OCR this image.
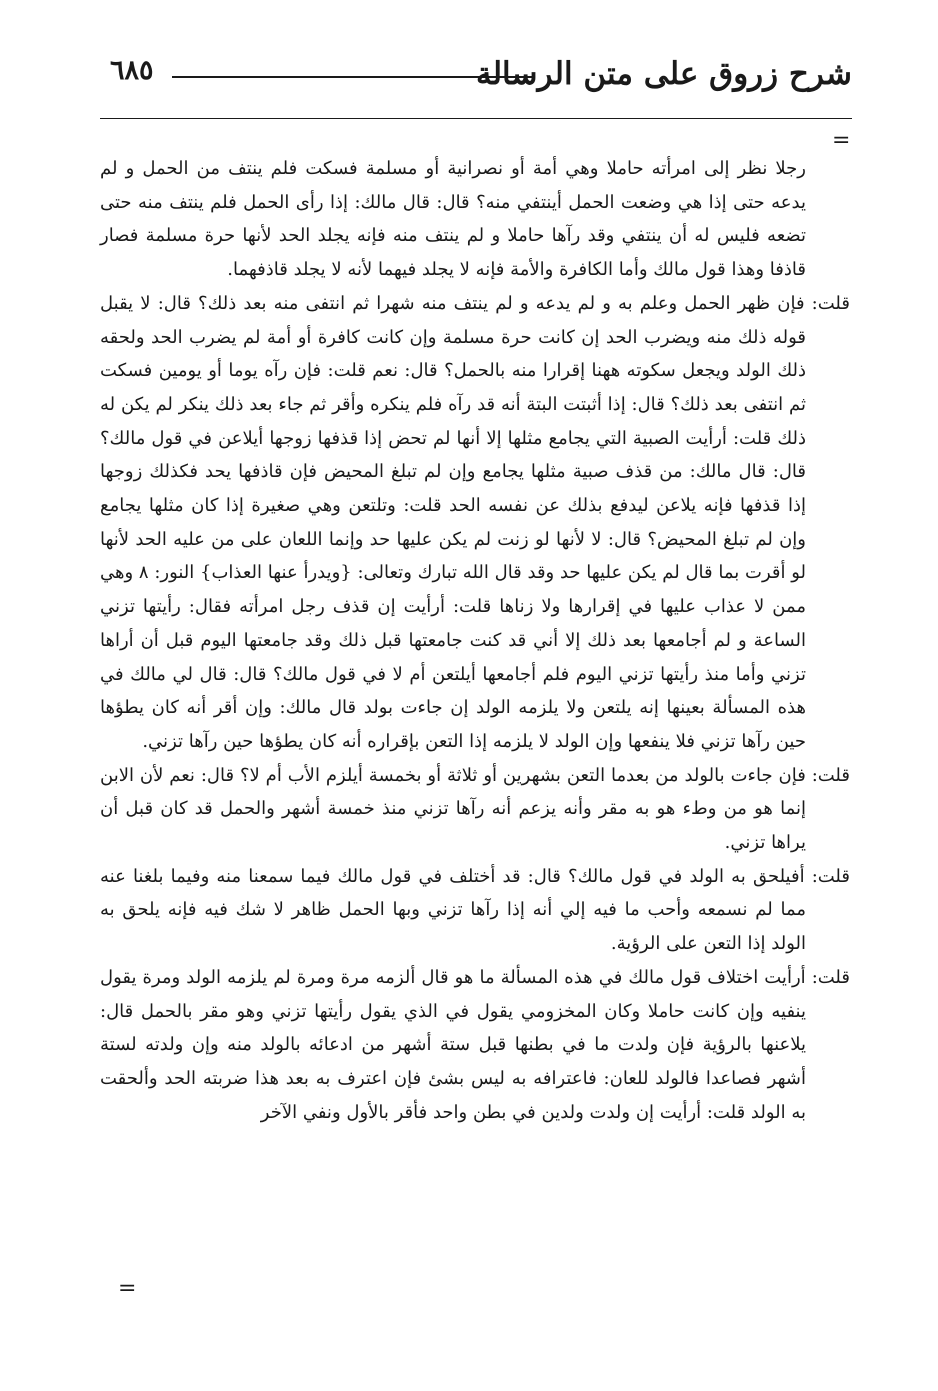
شرح زروق على متن الرسالة
٦٨٥
=

رجلا نظر إلى امرأته حاملا وهي أمة أو نصرانية أو مسلمة فسكت فلم ينتف من الحمل و لم يدعه حتى إذا هي وضعت الحمل أينتفي منه؟ قال: قال مالك: إذا رأى الحمل فلم ينتف منه حتى تضعه فليس له أن ينتفي وقد رآها حاملا و لم ينتف منه فإنه يجلد الحد لأنها حرة مسلمة فصار قاذفا وهذا قول مالك وأما الكافرة والأمة فإنه لا يجلد فيهما لأنه لا يجلد قاذفهما.

قلت: فإن ظهر الحمل وعلم به و لم يدعه و لم ينتف منه شهرا ثم انتفى منه بعد ذلك؟ قال: لا يقبل قوله ذلك منه ويضرب الحد إن كانت حرة مسلمة وإن كانت كافرة أو أمة لم يضرب الحد ولحقه ذلك الولد ويجعل سكوته ههنا إقرارا منه بالحمل؟ قال: نعم قلت: فإن رآه يوما أو يومين فسكت ثم انتفى بعد ذلك؟ قال: إذا أثبتت البتة أنه قد رآه فلم ينكره وأقر ثم جاء بعد ذلك ينكر لم يكن له ذلك قلت: أرأيت الصبية التي يجامع مثلها إلا أنها لم تحض إذا قذفها زوجها أيلاعن في قول مالك؟ قال: قال مالك: من قذف صبية مثلها يجامع وإن لم تبلغ المحيض فإن قاذفها يحد فكذلك زوجها إذا قذفها فإنه يلاعن ليدفع بذلك عن نفسه الحد قلت: وتلتعن وهي صغيرة إذا كان مثلها يجامع وإن لم تبلغ المحيض؟ قال: لا لأنها لو زنت لم يكن عليها حد وإنما اللعان على من عليه الحد لأنها لو أقرت بما قال لم يكن عليها حد وقد قال الله تبارك وتعالى: {ويدرأ عنها العذاب} النور: ٨ وهي ممن لا عذاب عليها في إقرارها ولا زناها قلت: أرأيت إن قذف رجل امرأته فقال: رأيتها تزني الساعة و لم أجامعها بعد ذلك إلا أني قد كنت جامعتها قبل ذلك وقد جامعتها اليوم قبل أن أراها تزني وأما منذ رأيتها تزني اليوم فلم أجامعها أيلتعن أم لا في قول مالك؟ قال: قال لي مالك في هذه المسألة بعينها إنه يلتعن ولا يلزمه الولد إن جاءت بولد قال مالك: وإن أقر أنه كان يطؤها حين رآها تزني فلا ينفعها وإن الولد لا يلزمه إذا التعن بإقراره أنه كان يطؤها حين رآها تزني.

قلت: فإن جاءت بالولد من بعدما التعن بشهرين أو ثلاثة أو بخمسة أيلزم الأب أم لا؟ قال: نعم لأن الابن إنما هو من وطء هو به مقر وأنه يزعم أنه رآها تزني منذ خمسة أشهر والحمل قد كان قبل أن يراها تزني.

قلت: أفيلحق به الولد في قول مالك؟ قال: قد أختلف في قول مالك فيما سمعنا منه وفيما بلغنا عنه مما لم نسمعه وأحب ما فيه إلي أنه إذا رآها تزني وبها الحمل ظاهر لا شك فيه فإنه يلحق به الولد إذا التعن على الرؤية.

قلت: أرأيت اختلاف قول مالك في هذه المسألة ما هو قال ألزمه مرة ومرة لم يلزمه الولد ومرة يقول ينفيه وإن كانت حاملا وكان المخزومي يقول في الذي يقول رأيتها تزني وهو مقر بالحمل قال: يلاعنها بالرؤية فإن ولدت ما في بطنها قبل ستة أشهر من ادعائه بالولد منه وإن ولدته لستة أشهر فصاعدا فالولد للعان: فاعترافه به ليس بشئ فإن اعترف به بعد هذا ضربته الحد وألحقت به الولد قلت: أرأيت إن ولدت ولدين في بطن واحد فأقر بالأول ونفي الآخر

=
